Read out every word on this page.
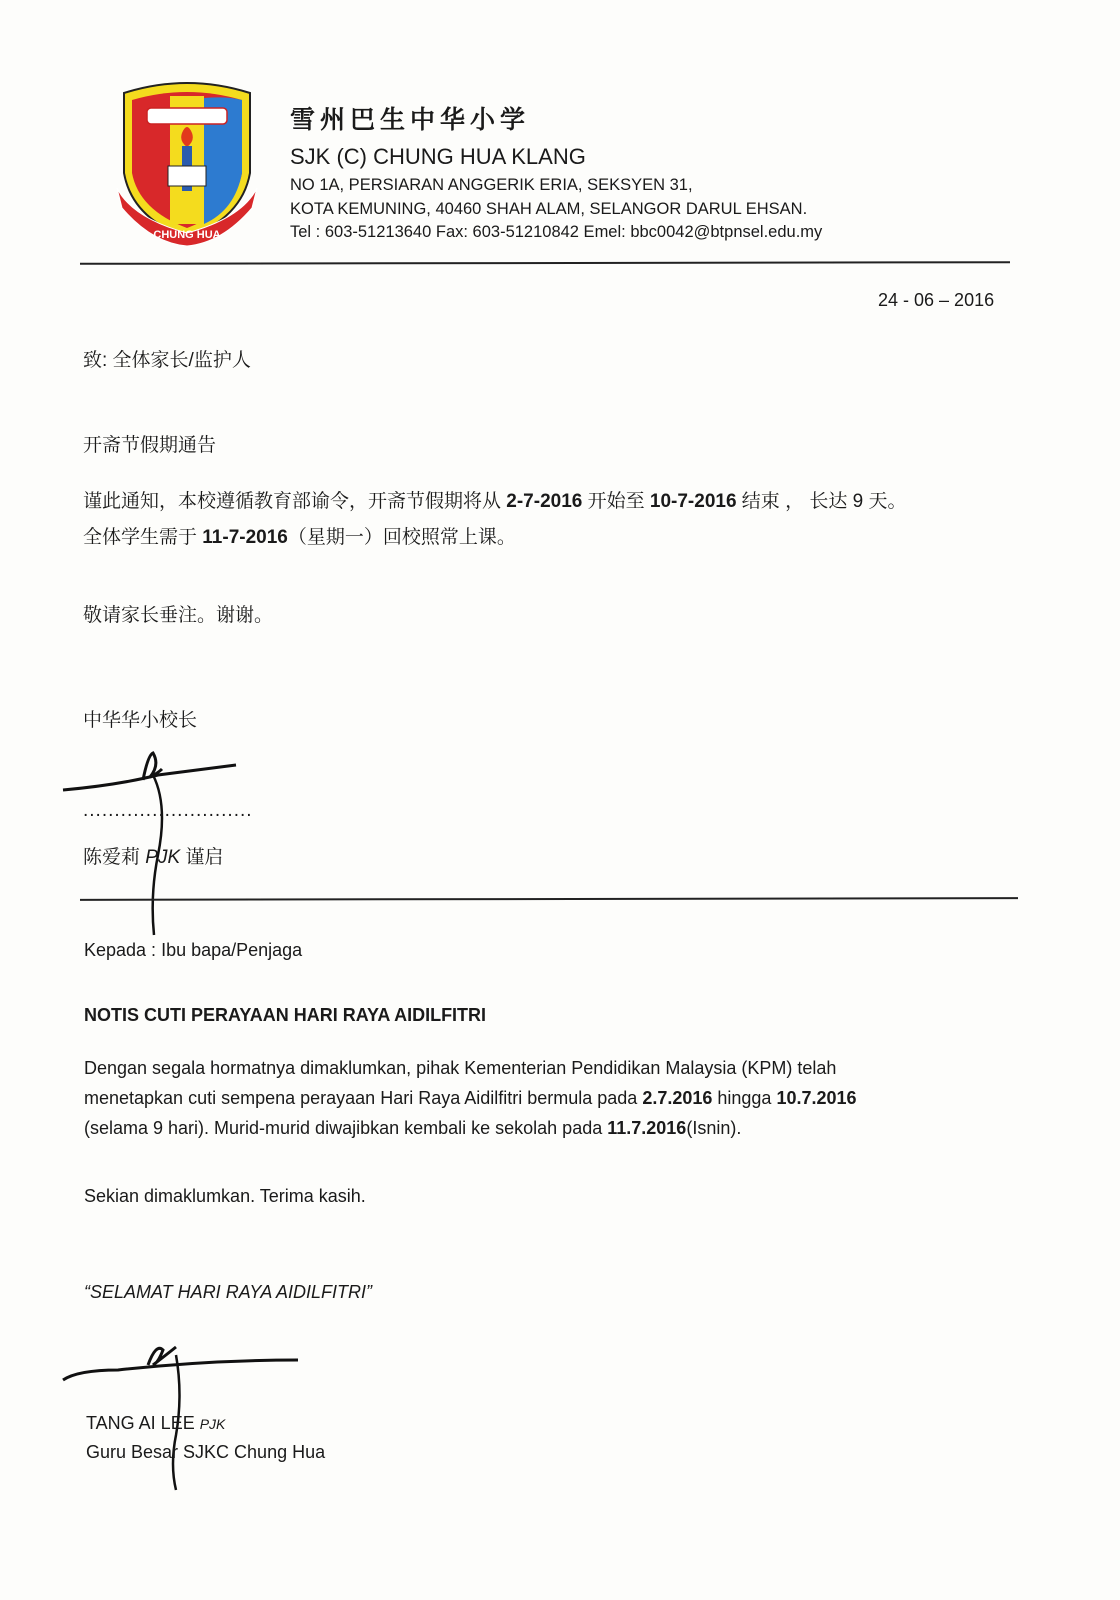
CHUNG HUA
雪州巴生中华小学
SJK (C) CHUNG HUA KLANG
NO 1A, PERSIARAN ANGGERIK ERIA, SEKSYEN 31,
KOTA KEMUNING, 40460 SHAH ALAM, SELANGOR DARUL EHSAN.
Tel : 603-51213640 Fax: 603-51210842 Emel: bbc0042@btpnsel.edu.my
24 - 06 – 2016
致: 全体家长/监护人
开斋节假期通告
谨此通知，本校遵循教育部谕令，开斋节假期将从 2-7-2016 开始至 10-7-2016 结束 ， 长达 9 天。
全体学生需于 11-7-2016（星期一）回校照常上课。
敬请家长垂注。谢谢。
中华华小校长
...........................
陈爱莉 PJK 谨启
Kepada : Ibu bapa/Penjaga
NOTIS CUTI PERAYAAN HARI RAYA AIDILFITRI
Dengan segala hormatnya dimaklumkan, pihak Kementerian Pendidikan Malaysia (KPM) telah
menetapkan cuti sempena perayaan Hari Raya Aidilfitri bermula pada 2.7.2016 hingga 10.7.2016
(selama 9 hari). Murid-murid diwajibkan kembali ke sekolah pada 11.7.2016(Isnin).
Sekian dimaklumkan. Terima kasih.
“SELAMAT HARI RAYA AIDILFITRI”
TANG AI LEE PJK
Guru Besar SJKC Chung Hua
